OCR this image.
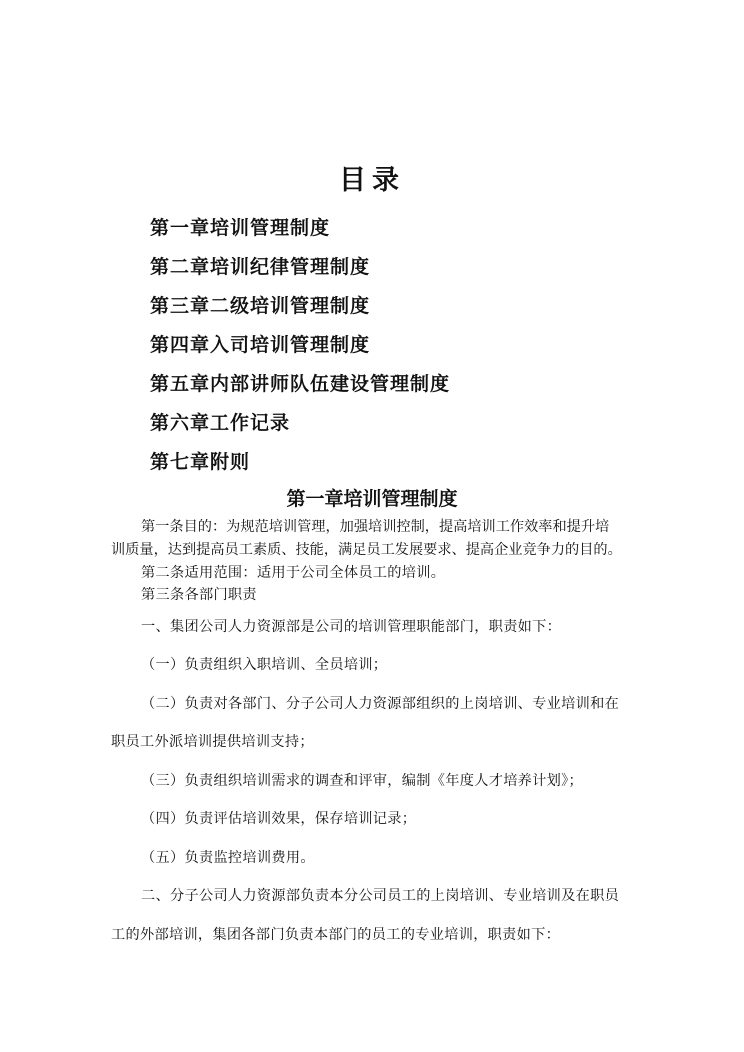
目录
第一章培训管理制度
第二章培训纪律管理制度
第三章二级培训管理制度
第四章入司培训管理制度
第五章内部讲师队伍建设管理制度
第六章工作记录
第七章附则
第一章培训管理制度
第一条目的：为规范培训管理，加强培训控制，提高培训工作效率和提升培
训质量，达到提高员工素质、技能，满足员工发展要求、提高企业竞争力的目的。
第二条适用范围：适用于公司全体员工的培训。
第三条各部门职责
一、集团公司人力资源部是公司的培训管理职能部门，职责如下：
（一）负责组织入职培训、全员培训；
（二）负责对各部门、分子公司人力资源部组织的上岗培训、专业培训和在
职员工外派培训提供培训支持；
（三）负责组织培训需求的调查和评审，编制《年度人才培养计划》；
（四）负责评估培训效果，保存培训记录；
（五）负责监控培训费用。
二、分子公司人力资源部负责本分公司员工的上岗培训、专业培训及在职员
工的外部培训，集团各部门负责本部门的员工的专业培训，职责如下：
